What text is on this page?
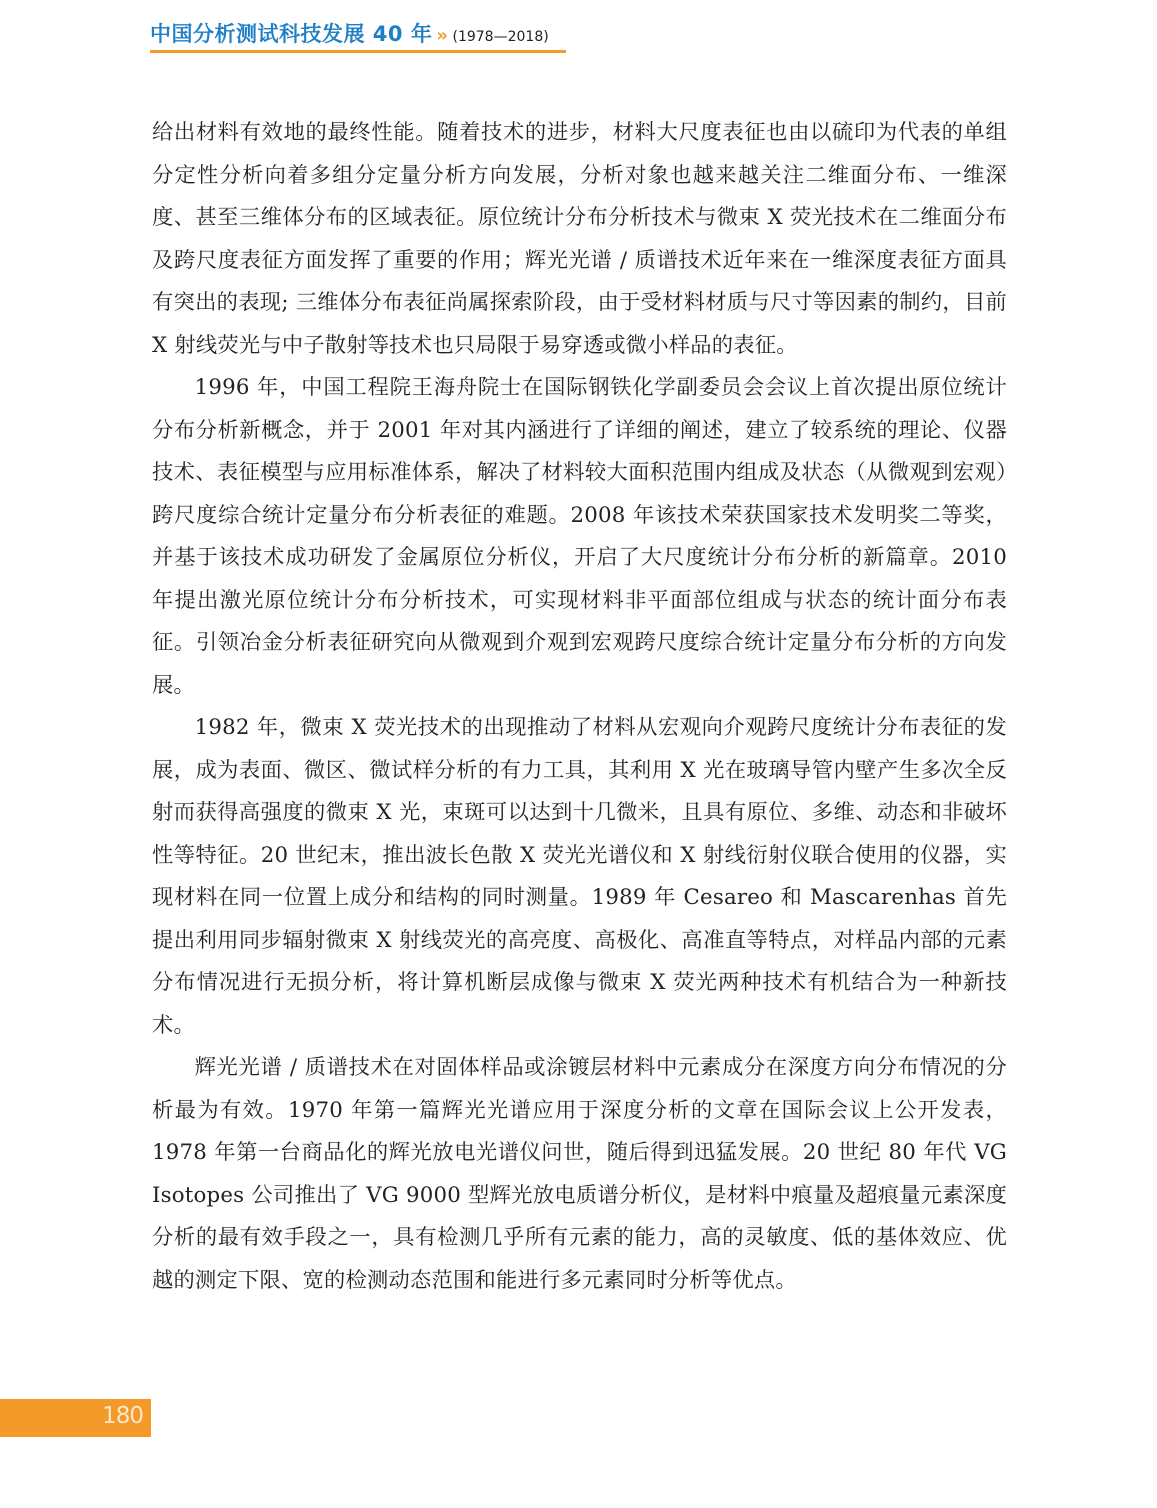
中国分析测试科技发展 40 年 » (1978—2018)

给出材料有效地的最终性能。随着技术的进步，材料大尺度表征也由以硫印为代表的单组分定性分析向着多组分定量分析方向发展，分析对象也越来越关注二维面分布、一维深度、甚至三维体分布的区域表征。原位统计分布分析技术与微束 X 荧光技术在二维面分布及跨尺度表征方面发挥了重要的作用；辉光光谱 / 质谱技术近年来在一维深度表征方面具有突出的表现; 三维体分布表征尚属探索阶段，由于受材料材质与尺寸等因素的制约，目前 X 射线荧光与中子散射等技术也只局限于易穿透或微小样品的表征。

1996 年，中国工程院王海舟院士在国际钢铁化学副委员会会议上首次提出原位统计分布分析新概念，并于 2001 年对其内涵进行了详细的阐述，建立了较系统的理论、仪器技术、表征模型与应用标准体系，解决了材料较大面积范围内组成及状态（从微观到宏观）跨尺度综合统计定量分布分析表征的难题。2008 年该技术荣获国家技术发明奖二等奖，并基于该技术成功研发了金属原位分析仪，开启了大尺度统计分布分析的新篇章。2010 年提出激光原位统计分布分析技术，可实现材料非平面部位组成与状态的统计面分布表征。引领冶金分析表征研究向从微观到介观到宏观跨尺度综合统计定量分布分析的方向发展。

1982 年，微束 X 荧光技术的出现推动了材料从宏观向介观跨尺度统计分布表征的发展，成为表面、微区、微试样分析的有力工具，其利用 X 光在玻璃导管内壁产生多次全反射而获得高强度的微束 X 光，束斑可以达到十几微米，且具有原位、多维、动态和非破坏性等特征。20 世纪末，推出波长色散 X 荧光光谱仪和 X 射线衍射仪联合使用的仪器，实现材料在同一位置上成分和结构的同时测量。1989 年 Cesareo 和 Mascarenhas 首先提出利用同步辐射微束 X 射线荧光的高亮度、高极化、高准直等特点，对样品内部的元素分布情况进行无损分析，将计算机断层成像与微束 X 荧光两种技术有机结合为一种新技术。

辉光光谱 / 质谱技术在对固体样品或涂镀层材料中元素成分在深度方向分布情况的分析最为有效。1970 年第一篇辉光光谱应用于深度分析的文章在国际会议上公开发表，1978 年第一台商品化的辉光放电光谱仪问世，随后得到迅猛发展。20 世纪 80 年代 VG Isotopes 公司推出了 VG 9000 型辉光放电质谱分析仪，是材料中痕量及超痕量元素深度分析的最有效手段之一，具有检测几乎所有元素的能力，高的灵敏度、低的基体效应、优越的测定下限、宽的检测动态范围和能进行多元素同时分析等优点。

180
